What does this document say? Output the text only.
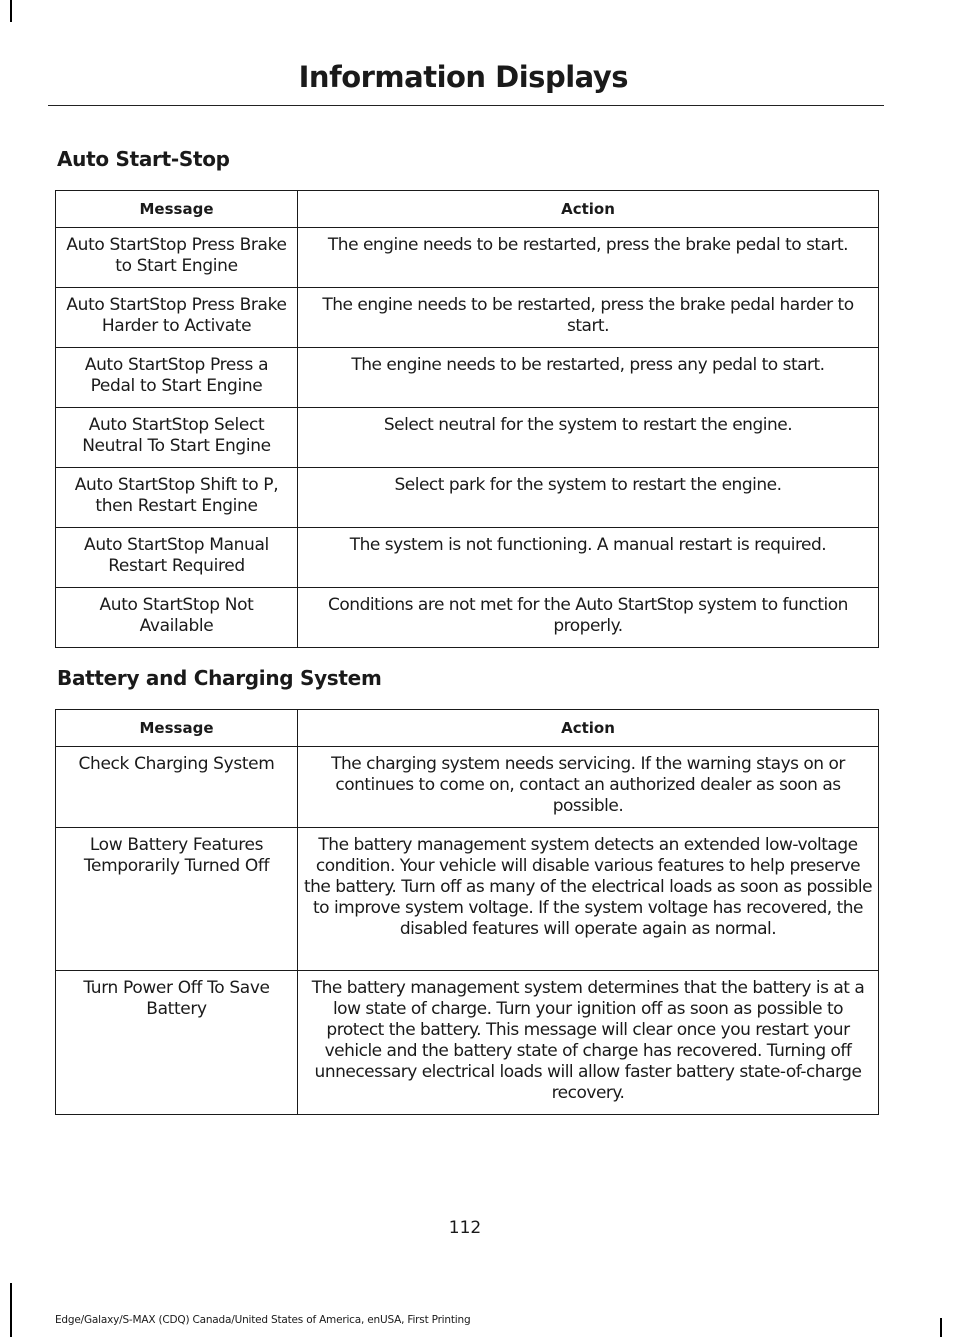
Information Displays
Auto Start-Stop
Message	Action
Auto StartStop Press Brake to Start Engine	The engine needs to be restarted, press the brake pedal to start.
Auto StartStop Press Brake Harder to Activate	The engine needs to be restarted, press the brake pedal harder to start.
Auto StartStop Press a Pedal to Start Engine	The engine needs to be restarted, press any pedal to start.
Auto StartStop Select Neutral To Start Engine	Select neutral for the system to restart the engine.
Auto StartStop Shift to P, then Restart Engine	Select park for the system to restart the engine.
Auto StartStop Manual Restart Required	The system is not functioning. A manual restart is required.
Auto StartStop Not Available	Conditions are not met for the Auto StartStop system to function properly.
Battery and Charging System
Message	Action
Check Charging System	The charging system needs servicing. If the warning stays on or continues to come on, contact an authorized dealer as soon as possible.
Low Battery Features Temporarily Turned Off	The battery management system detects an extended low-voltage condition. Your vehicle will disable various features to help preserve the battery. Turn off as many of the electrical loads as soon as possible to improve system voltage. If the system voltage has recovered, the disabled features will operate again as normal.
Turn Power Off To Save Battery	The battery management system determines that the battery is at a low state of charge. Turn your ignition off as soon as possible to protect the battery. This message will clear once you restart your vehicle and the battery state of charge has recovered. Turning off unnecessary electrical loads will allow faster battery state-of-charge recovery.
112
Edge/Galaxy/S-MAX (CDQ) Canada/United States of America, enUSA, First Printing
